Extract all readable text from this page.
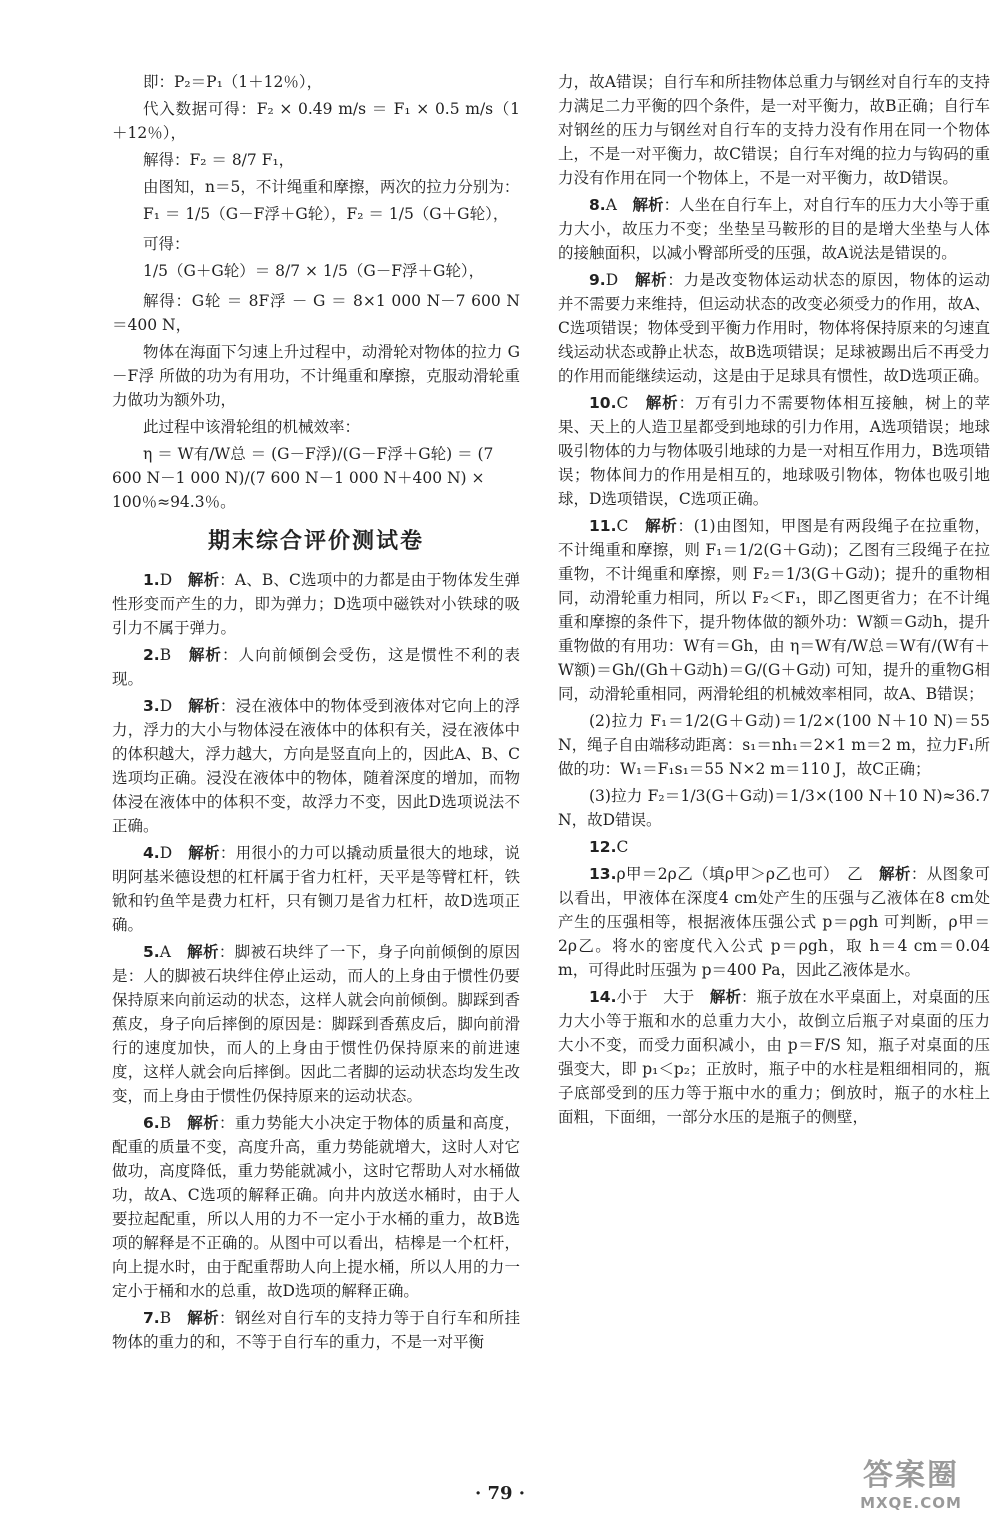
即：P₂＝P₁（1＋12％），

代入数据可得：F₂ × 0.49 m/s ＝ F₁ × 0.5 m/s（1＋12％），

解得：F₂ ＝ 8/7 F₁，

由图知，n＝5，不计绳重和摩擦，两次的拉力分别为：

F₁ ＝ 1/5（G－F浮＋G轮），F₂ ＝ 1/5（G＋G轮），

可得：

1/5（G＋G轮）＝ 8/7 × 1/5（G－F浮＋G轮），

解得：G轮 ＝ 8F浮 － G ＝ 8×1 000 N－7 600 N＝400 N，

物体在海面下匀速上升过程中，动滑轮对物体的拉力 G－F浮 所做的功为有用功，不计绳重和摩擦，克服动滑轮重力做功为额外功，

此过程中该滑轮组的机械效率：

η ＝ W有/W总 ＝ (G－F浮)/(G－F浮＋G轮) ＝ (7 600 N－1 000 N)/(7 600 N－1 000 N＋400 N) × 100％≈94.3％。
期末综合评价测试卷

1.D　 解析：A、B、C选项中的力都是由于物体发生弹性形变而产生的力，即为弹力；D选项中磁铁对小铁球的吸引力不属于弹力。

2.B　 解析：人向前倾倒会受伤，这是惯性不利的表现。

3.D　 解析：浸在液体中的物体受到液体对它向上的浮力，浮力的大小与物体浸在液体中的体积有关，浸在液体中的体积越大，浮力越大，方向是竖直向上的，因此A、B、C选项均正确。浸没在液体中的物体，随着深度的增加，而物体浸在液体中的体积不变，故浮力不变，因此D选项说法不正确。

4.D　 解析：用很小的力可以撬动质量很大的地球，说明阿基米德设想的杠杆属于省力杠杆，天平是等臂杠杆，铁锨和钓鱼竿是费力杠杆，只有铡刀是省力杠杆，故D选项正确。

5.A　 解析：脚被石块绊了一下，身子向前倾倒的原因是：人的脚被石块绊住停止运动，而人的上身由于惯性仍要保持原来向前运动的状态，这样人就会向前倾倒。脚踩到香蕉皮，身子向后摔倒的原因是：脚踩到香蕉皮后，脚向前滑行的速度加快，而人的上身由于惯性仍保持原来的前进速度，这样人就会向后摔倒。因此二者脚的运动状态均发生改变，而上身由于惯性仍保持原来的运动状态。

6.B　 解析：重力势能大小决定于物体的质量和高度，配重的质量不变，高度升高，重力势能就增大，这时人对它做功，高度降低，重力势能就减小，这时它帮助人对水桶做功，故A、C选项的解释正确。向井内放送水桶时，由于人要拉起配重，所以人用的力不一定小于水桶的重力，故B选项的解释是不正确的。从图中可以看出，桔槔是一个杠杆，向上提水时，由于配重帮助人向上提水桶，所以人用的力一定小于桶和水的总重，故D选项的解释正确。

7.B　 解析：钢丝对自行车的支持力等于自行车和所挂物体的重力的和，不等于自行车的重力，不是一对平衡

力，故A错误；自行车和所挂物体总重力与钢丝对自行车的支持力满足二力平衡的四个条件，是一对平衡力，故B正确；自行车对钢丝的压力与钢丝对自行车的支持力没有作用在同一个物体上，不是一对平衡力，故C错误；自行车对绳的拉力与钩码的重力没有作用在同一个物体上，不是一对平衡力，故D错误。

8.A　 解析：人坐在自行车上，对自行车的压力大小等于重力大小，故压力不变；坐垫呈马鞍形的目的是增大坐垫与人体的接触面积，以减小臀部所受的压强，故A说法是错误的。

9.D　 解析：力是改变物体运动状态的原因，物体的运动并不需要力来维持，但运动状态的改变必须受力的作用，故A、C选项错误；物体受到平衡力作用时，物体将保持原来的匀速直线运动状态或静止状态，故B选项错误；足球被踢出后不再受力的作用而能继续运动，这是由于足球具有惯性，故D选项正确。

10.C　 解析：万有引力不需要物体相互接触，树上的苹果、天上的人造卫星都受到地球的引力作用，A选项错误；地球吸引物体的力与物体吸引地球的力是一对相互作用力，B选项错误；物体间力的作用是相互的，地球吸引物体，物体也吸引地球，D选项错误，C选项正确。

11.C　 解析：(1)由图知，甲图是有两段绳子在拉重物，不计绳重和摩擦，则 F₁＝1/2(G＋G动)；乙图有三段绳子在拉重物，不计绳重和摩擦，则 F₂＝1/3(G＋G动)；提升的重物相同，动滑轮重力相同，所以 F₂＜F₁，即乙图更省力；在不计绳重和摩擦的条件下，提升物体做的额外功：W额＝G动h，提升重物做的有用功：W有＝Gh，由 η＝W有/W总＝W有/(W有＋W额)＝Gh/(Gh＋G动h)＝G/(G＋G动) 可知，提升的重物G相同，动滑轮重相同，两滑轮组的机械效率相同，故A、B错误；

(2)拉力 F₁＝1/2(G＋G动)＝1/2×(100 N＋10 N)＝55 N，绳子自由端移动距离：s₁＝nh₁＝2×1 m＝2 m，拉力F₁所做的功：W₁＝F₁s₁＝55 N×2 m＝110 J，故C正确；

(3)拉力 F₂＝1/3(G＋G动)＝1/3×(100 N＋10 N)≈36.7 N，故D错误。

12.C

13.ρ甲＝2ρ乙（填ρ甲＞ρ乙也可）　乙　 解析：从图象可以看出，甲液体在深度4 cm处产生的压强与乙液体在8 cm处产生的压强相等，根据液体压强公式 p＝ρgh 可判断，ρ甲＝2ρ乙。将水的密度代入公式 p＝ρgh，取 h＝4 cm＝0.04 m，可得此时压强为 p＝400 Pa，因此乙液体是水。

14.小于　大于　 解析：瓶子放在水平桌面上，对桌面的压力大小等于瓶和水的总重力大小，故倒立后瓶子对桌面的压力大小不变，而受力面积减小，由 p＝F/S 知，瓶子对桌面的压强变大，即 p₁＜p₂；正放时，瓶子中的水柱是粗细相同的，瓶子底部受到的压力等于瓶中水的重力；倒放时，瓶子的水柱上面粗，下面细，一部分水压的是瓶子的侧壁，

· 79 ·
答案圈
MXQE.COM
